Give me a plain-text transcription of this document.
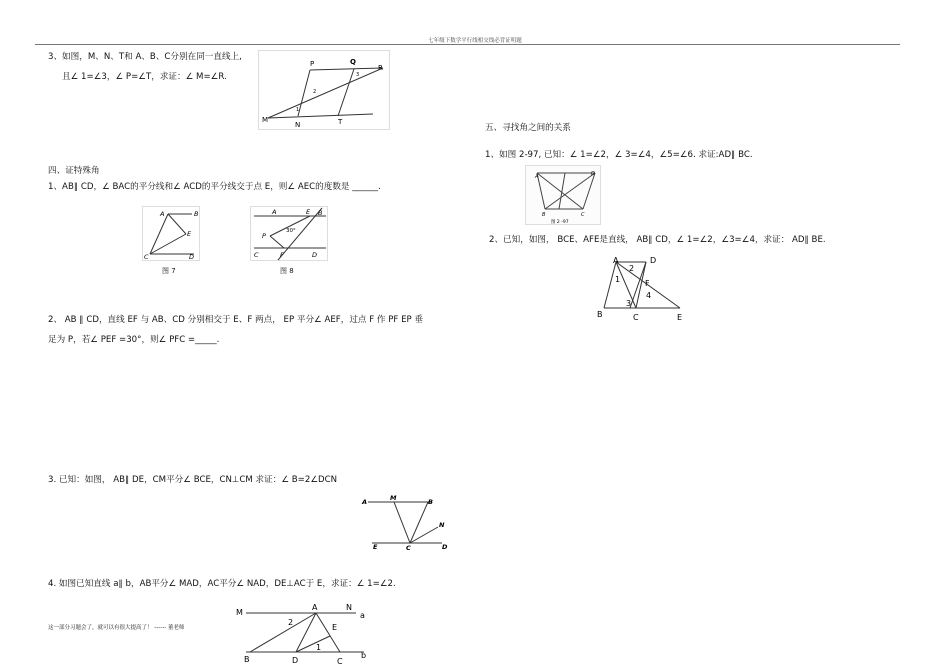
七年级下数学平行线相交线必背证明题
3、如图，M、N、T和 A、B、C分别在同一直线上,
且∠ 1=∠3，∠ P=∠T，求证：∠ M=∠R.
P	Q
R
M
N	T
1
2
3
四、证特殊角
1、AB∥ CD，∠ BAC的平分线和∠ ACD的平分线交于点 E，则∠ AEC的度数是 ______.
A	B
E
C	D
图 7
A	E B
P
30°
C	F	D
图 8
2、 AB ∥ CD，直线 EF 与 AB、CD 分别相交于 E、F 两点， EP 平分∠ AEF，过点 F 作 PF EP 垂
足为 P，若∠ PEF =30°，则∠ PFC =_____.
3. 已知：如图， AB∥ DE，CM平分∠ BCE，CN⊥CM 求证：∠ B=2∠DCN
A	M	B
N
E	C	D
4. 如图已知直线 a∥ b，AB平分∠ MAD，AC平分∠ NAD，DE⊥AC于 E，求证：∠ 1=∠2.
M
A	N
a
E
2
B	D
1
C
b
这一部分习题会了，就可以有很大提高了！ ------ 董老师
五、寻找角之间的关系
1、如图 2-97, 已知：∠ 1=∠2，∠ 3=∠4，∠5=∠6. 求证:AD∥ BC.
A	D
B	C
图 2 -97
2、已知，如图， BCE、AFE是直线， AB∥ CD，∠ 1=∠2，∠3=∠4，求证： AD∥ BE.
A	D
2
1	F
4
3
B	C	E
